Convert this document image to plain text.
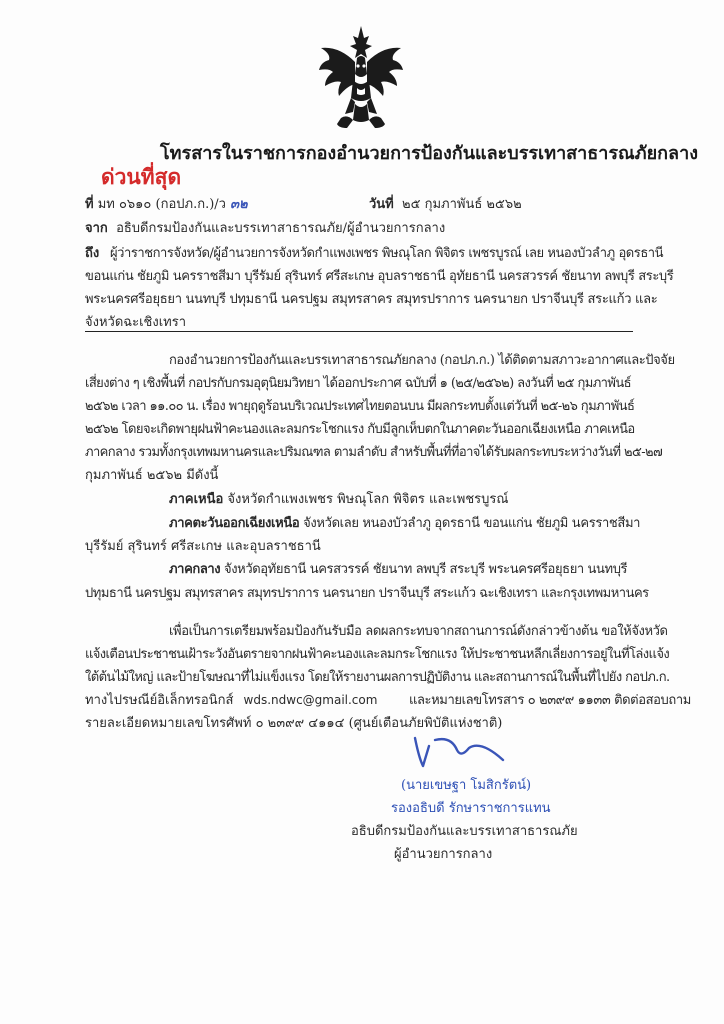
โทรสารในราชการกองอำนวยการป้องกันและบรรเทาสาธารณภัยกลาง
ด่วนที่สุด
ที่ มท ๐๖๑๐ (กอปภ.ก.)/ว ๓๒	วันที่ ๒๕ กุมภาพันธ์ ๒๕๖๒
จาก อธิบดีกรมป้องกันและบรรเทาสาธารณภัย/ผู้อำนวยการกลาง
ถึง ผู้ว่าราชการจังหวัด/ผู้อำนวยการจังหวัดกำแพงเพชร พิษณุโลก พิจิตร เพชรบูรณ์ เลย หนองบัวลำภู อุดรธานี
ขอนแก่น ชัยภูมิ นครราชสีมา บุรีรัมย์ สุรินทร์ ศรีสะเกษ อุบลราชธานี อุทัยธานี นครสวรรค์ ชัยนาท ลพบุรี สระบุรี
พระนครศรีอยุธยา นนทบุรี ปทุมธานี นครปฐม สมุทรสาคร สมุทรปราการ นครนายก ปราจีนบุรี สระแก้ว และ
จังหวัดฉะเชิงเทรา
กองอำนวยการป้องกันและบรรเทาสาธารณภัยกลาง (กอปภ.ก.) ได้ติดตามสภาวะอากาศและปัจจัย
เสี่ยงต่าง ๆ เชิงพื้นที่ กอปรกับกรมอุตุนิยมวิทยา ได้ออกประกาศ ฉบับที่ ๑ (๒๕/๒๕๖๒) ลงวันที่ ๒๕ กุมภาพันธ์
๒๕๖๒ เวลา ๑๑.๐๐ น. เรื่อง พายุฤดูร้อนบริเวณประเทศไทยตอนบน มีผลกระทบตั้งแต่วันที่ ๒๕-๒๖ กุมภาพันธ์
๒๕๖๒ โดยจะเกิดพายุฝนฟ้าคะนองและลมกระโชกแรง กับมีลูกเห็บตกในภาคตะวันออกเฉียงเหนือ ภาคเหนือ
ภาคกลาง รวมทั้งกรุงเทพมหานครและปริมณฑล ตามลำดับ สำหรับพื้นที่ที่อาจได้รับผลกระทบระหว่างวันที่ ๒๕-๒๗
กุมภาพันธ์ ๒๕๖๒ มีดังนี้
ภาคเหนือ จังหวัดกำแพงเพชร พิษณุโลก พิจิตร และเพชรบูรณ์
ภาคตะวันออกเฉียงเหนือ จังหวัดเลย หนองบัวลำภู อุดรธานี ขอนแก่น ชัยภูมิ นครราชสีมา
บุรีรัมย์ สุรินทร์ ศรีสะเกษ และอุบลราชธานี
ภาคกลาง จังหวัดอุทัยธานี นครสวรรค์ ชัยนาท ลพบุรี สระบุรี พระนครศรีอยุธยา นนทบุรี
ปทุมธานี นครปฐม สมุทรสาคร สมุทรปราการ นครนายก ปราจีนบุรี สระแก้ว ฉะเชิงเทรา และกรุงเทพมหานคร
เพื่อเป็นการเตรียมพร้อมป้องกันรับมือ ลดผลกระทบจากสถานการณ์ดังกล่าวข้างต้น ขอให้จังหวัด
แจ้งเตือนประชาชนเฝ้าระวังอันตรายจากฝนฟ้าคะนองและลมกระโชกแรง ให้ประชาชนหลีกเลี่ยงการอยู่ในที่โล่งแจ้ง
ใต้ต้นไม้ใหญ่ และป้ายโฆษณาที่ไม่แข็งแรง โดยให้รายงานผลการปฏิบัติงาน และสถานการณ์ในพื้นที่ไปยัง กอปภ.ก.
ทางไปรษณีย์อิเล็กทรอนิกส์ wds.ndwc@gmail.com และหมายเลขโทรสาร ๐ ๒๓๙๙ ๑๑๓๓ ติดต่อสอบถาม
รายละเอียดหมายเลขโทรศัพท์ ๐ ๒๓๙๙ ๔๑๑๔ (ศูนย์เตือนภัยพิบัติแห่งชาติ)
(นายเขษฐา โมสิกรัตน์)
รองอธิบดี รักษาราชการแทน
อธิบดีกรมป้องกันและบรรเทาสาธารณภัย
ผู้อำนวยการกลาง
